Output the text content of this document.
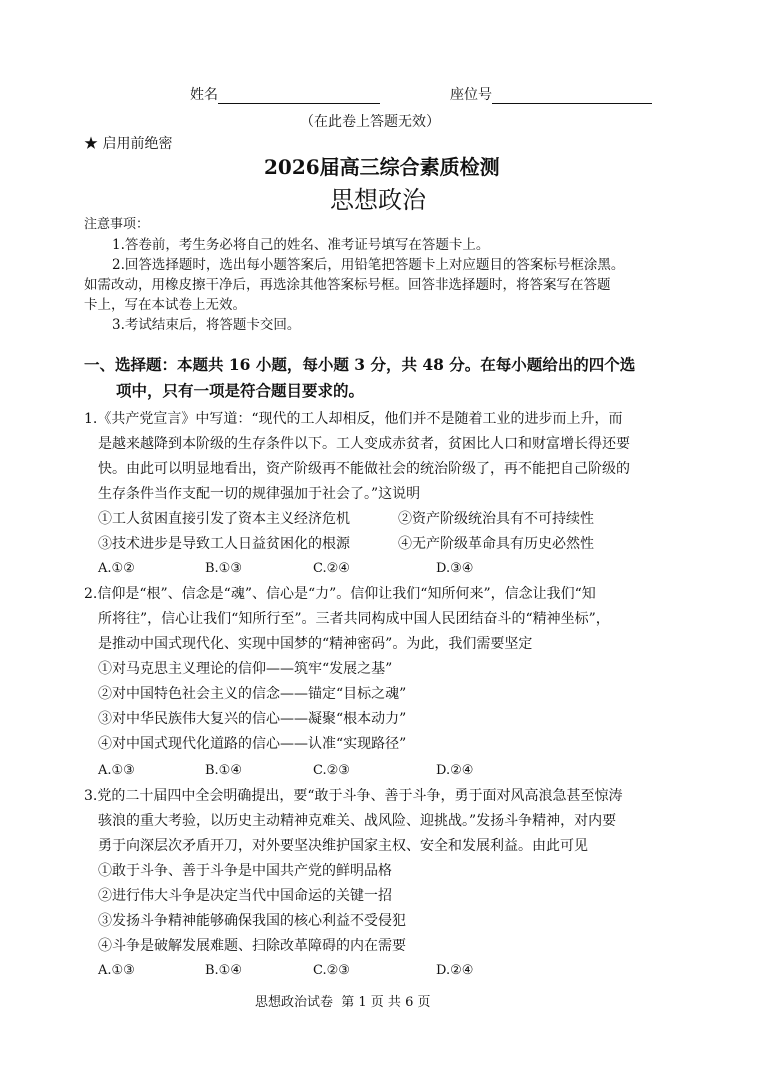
姓名	座位号
（在此卷上答题无效）
★ 启用前绝密
2026届高三综合素质检测
思想政治
注意事项：
1.答卷前，考生务必将自己的姓名、准考证号填写在答题卡上。
2.回答选择题时，选出每小题答案后，用铅笔把答题卡上对应题目的答案标号框涂黑。
如需改动，用橡皮擦干净后，再选涂其他答案标号框。回答非选择题时，将答案写在答题
卡上，写在本试卷上无效。
3.考试结束后，将答题卡交回。
一、选择题：本题共 16 小题，每小题 3 分，共 48 分。在每小题给出的四个选
项中，只有一项是符合题目要求的。
1.《共产党宣言》中写道：“现代的工人却相反，他们并不是随着工业的进步而上升，而
是越来越降到本阶级的生存条件以下。工人变成赤贫者，贫困比人口和财富增长得还要
快。由此可以明显地看出，资产阶级再不能做社会的统治阶级了，再不能把自己阶级的
生存条件当作支配一切的规律强加于社会了。”这说明
①工人贫困直接引发了资本主义经济危机	②资产阶级统治具有不可持续性
③技术进步是导致工人日益贫困化的根源	④无产阶级革命具有历史必然性
A.①②	B.①③	C.②④	D.③④
2.信仰是“根”、信念是“魂”、信心是“力”。信仰让我们“知所何来”，信念让我们“知
所将往”，信心让我们“知所行至”。三者共同构成中国人民团结奋斗的“精神坐标”，
是推动中国式现代化、实现中国梦的“精神密码”。为此，我们需要坚定
①对马克思主义理论的信仰——筑牢“发展之基”
②对中国特色社会主义的信念——锚定“目标之魂”
③对中华民族伟大复兴的信心——凝聚“根本动力”
④对中国式现代化道路的信心——认准“实现路径”
A.①③	B.①④	C.②③	D.②④
3.党的二十届四中全会明确提出，要“敢于斗争、善于斗争，勇于面对风高浪急甚至惊涛
骇浪的重大考验，以历史主动精神克难关、战风险、迎挑战。”发扬斗争精神，对内要
勇于向深层次矛盾开刀，对外要坚决维护国家主权、安全和发展利益。由此可见
①敢于斗争、善于斗争是中国共产党的鲜明品格
②进行伟大斗争是决定当代中国命运的关键一招
③发扬斗争精神能够确保我国的核心利益不受侵犯
④斗争是破解发展难题、扫除改革障碍的内在需要
A.①③	B.①④	C.②③	D.②④
思想政治试卷  第 1 页 共 6 页
